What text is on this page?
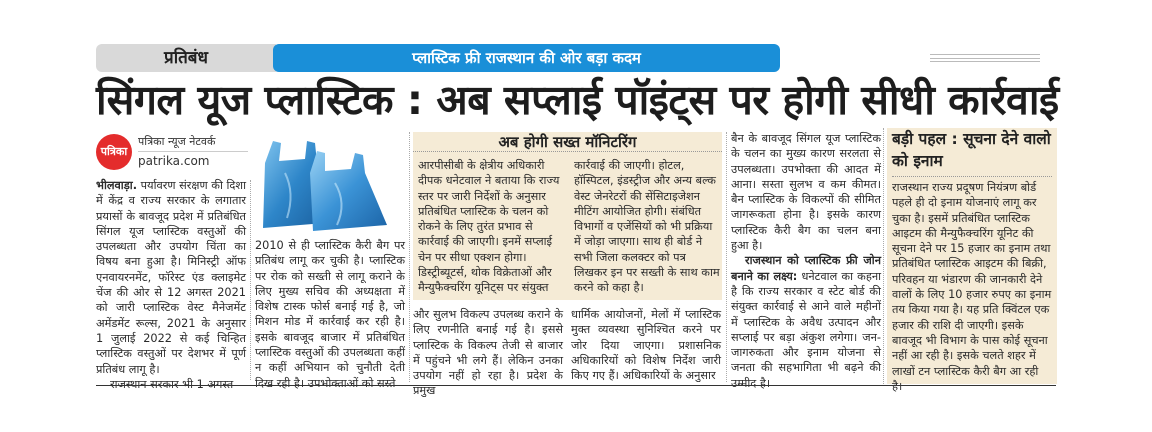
प्रतिबंध	प्लास्टिक फ्री राजस्थान की ओर बड़ा कदम
सिंगल यूज प्लास्टिक : अब सप्लाई पॉइंट्स पर होगी सीधी कार्रवाई
पत्रिका
पत्रिका न्यूज नेटवर्क
patrika.com

भीलवाड़ा. पर्यावरण संरक्षण की दिशा में केंद्र व राज्य सरकार के लगातार प्रयासों के बावजूद प्रदेश में प्रतिबंधित सिंगल यूज प्लास्टिक वस्तुओं की उपलब्धता और उपयोग चिंता का विषय बना हुआ है। मिनिस्ट्री ऑफ एनवायरनमेंट, फॉरेस्ट एंड क्लाइमेट चेंज की ओर से 12 अगस्त 2021 को जारी प्लास्टिक वेस्ट मैनेजमेंट अमेंडमेंट रूल्स, 2021 के अनुसार 1 जुलाई 2022 से कई चिन्हित प्लास्टिक वस्तुओं पर देशभर में पूर्ण प्रतिबंध लागू है।

राजस्थान सरकार भी 1 अगस्त

2010 से ही प्लास्टिक कैरी बैग पर प्रतिबंध लागू कर चुकी है। प्लास्टिक पर रोक को सख्ती से लागू कराने के लिए मुख्य सचिव की अध्यक्षता में विशेष टास्क फोर्स बनाई गई है, जो मिशन मोड में कार्रवाई कर रही है। इसके बावजूद बाजार में प्रतिबंधित प्लास्टिक वस्तुओं की उपलब्धता कहीं न कहीं अभियान को चुनौती देती दिख रही है। उपभोक्ताओं को सस्ते
अब होगी सख्त मॉनिटरिंग
आरपीसीबी के क्षेत्रीय अधिकारी दीपक धनेटवाल ने बताया कि राज्य स्तर पर जारी निर्देशों के अनुसार प्रतिबंधित प्लास्टिक के चलन को रोकने के लिए तुरंत प्रभाव से कार्रवाई की जाएगी। इनमें सप्लाई चेन पर सीधा एक्शन होगा। डिस्ट्रीब्यूटर्स, थोक विक्रेताओं और मैन्युफैक्चरिंग यूनिट्स पर संयुक्त
कार्रवाई की जाएगी। होटल, हॉस्पिटल, इंडस्ट्रीज और अन्य बल्क वेस्ट जेनरेटरों की सेंसिटाइजेशन मीटिंग आयोजित होगी। संबंधित विभागों व एजेंसियों को भी प्रक्रिया में जोड़ा जाएगा। साथ ही बोर्ड ने सभी जिला कलक्टर को पत्र लिखकर इन पर सख्ती के साथ काम करने को कहा है।
और सुलभ विकल्प उपलब्ध कराने के लिए रणनीति बनाई गई है। इससे प्लास्टिक के विकल्प तेजी से बाजार में पहुंचने भी लगे हैं। लेकिन उनका उपयोग नहीं हो रहा है। प्रदेश के प्रमुख
धार्मिक आयोजनों, मेलों में प्लास्टिक मुक्त व्यवस्था सुनिश्चित करने पर जोर दिया जाएगा। प्रशासनिक अधिकारियों को विशेष निर्देश जारी किए गए हैं। अधिकारियों के अनुसार

बैन के बावजूद सिंगल यूज प्लास्टिक के चलन का मुख्य कारण सरलता से उपलब्धता। उपभोक्ता की आदत में आना। सस्ता सुलभ व कम कीमत। बैन प्लास्टिक के विकल्पों की सीमित जागरूकता होना है। इसके कारण प्लास्टिक कैरी बैग का चलन बना हुआ है।

राजस्थान को प्लास्टिक फ्री जोन बनाने का लक्ष्य: धनेटवाल का कहना है कि राज्य सरकार व स्टेट बोर्ड की संयुक्त कार्रवाई से आने वाले महीनों में प्लास्टिक के अवैध उत्पादन और सप्लाई पर बड़ा अंकुश लगेगा। जन-जागरुकता और इनाम योजना से जनता की सहभागिता भी बढ़ने की उम्मीद है।

बड़ी पहल : सूचना देने वालो को इनाम
राजस्थान राज्य प्रदूषण नियंत्रण बोर्ड पहले ही दो इनाम योजनाएं लागू कर चुका है। इसमें प्रतिबंधित प्लास्टिक आइटम की मैन्युफैक्चरिंग यूनिट की सूचना देने पर 15 हजार का इनाम तथा प्रतिबंधित प्लास्टिक आइटम की बिक्री, परिवहन या भंडारण की जानकारी देने वालों के लिए 10 हजार रुपए का इनाम तय किया गया है। यह प्रति क्विंटल एक हजार की राशि दी जाएगी। इसके बावजूद भी विभाग के पास कोई सूचना नहीं आ रही है। इसके चलते शहर में लाखों टन प्लास्टिक कैरी बैग आ रही है।
